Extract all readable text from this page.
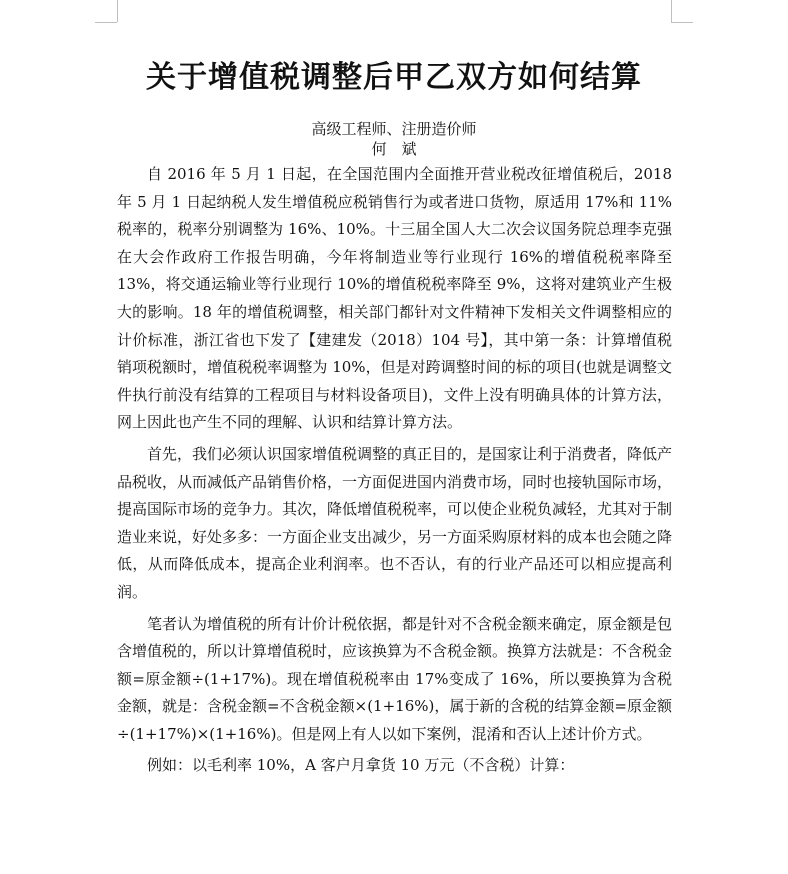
关于增值税调整后甲乙双方如何结算
高级工程师、注册造价师
何　斌

自 2016 年 5 月 1 日起，在全国范围内全面推开营业税改征增值税后，2018 年 5 月 1 日起纳税人发生增值税应税销售行为或者进口货物，原适用 17%和 11%税率的，税率分别调整为 16%、10%。十三届全国人大二次会议国务院总理李克强在大会作政府工作报告明确，今年将制造业等行业现行 16%的增值税税率降至 13%，将交通运输业等行业现行 10%的增值税税率降至 9%，这将对建筑业产生极大的影响。18 年的增值税调整，相关部门都针对文件精神下发相关文件调整相应的计价标准，浙江省也下发了【建建发（2018）104 号】，其中第一条：计算增值税销项税额时，增值税税率调整为 10%，但是对跨调整时间的标的项目(也就是调整文件执行前没有结算的工程项目与材料设备项目)，文件上没有明确具体的计算方法，网上因此也产生不同的理解、认识和结算计算方法。

首先，我们必须认识国家增值税调整的真正目的，是国家让利于消费者，降低产品税收，从而减低产品销售价格，一方面促进国内消费市场，同时也接轨国际市场，提高国际市场的竞争力。其次，降低增值税税率，可以使企业税负减轻，尤其对于制造业来说，好处多多：一方面企业支出减少，另一方面采购原材料的成本也会随之降低，从而降低成本，提高企业利润率。也不否认，有的行业产品还可以相应提高利润。

笔者认为增值税的所有计价计税依据，都是针对不含税金额来确定，原金额是包含增值税的，所以计算增值税时，应该换算为不含税金额。换算方法就是：不含税金额=原金额÷(1+17%)。现在增值税税率由 17%变成了 16%，所以要换算为含税金额，就是：含税金额=不含税金额×(1+16%)，属于新的含税的结算金额=原金额÷(1+17%)×(1+16%)。但是网上有人以如下案例，混淆和否认上述计价方式。

例如：以毛利率 10%，A 客户月拿货 10 万元（不含税）计算：
